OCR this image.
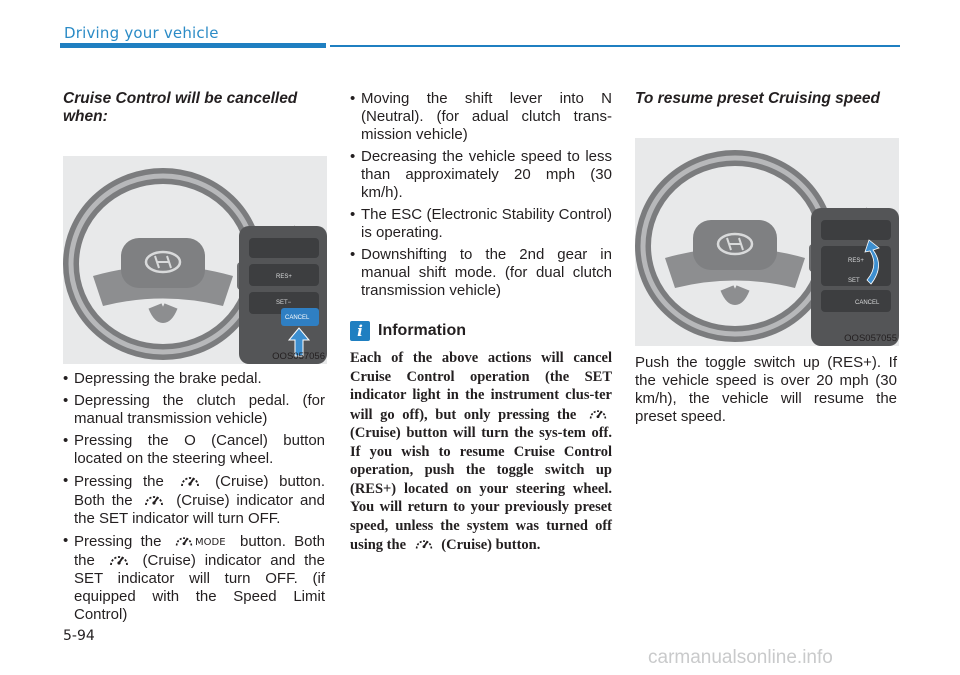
Driving your vehicle
Cruise Control will be cancelled when:
RES+
SET−
CANCEL
OOS057056
• Depressing the brake pedal.
• Depressing the clutch pedal. (for manual transmission vehicle)
• Pressing the O (Cancel) button located on the steering wheel.
• Pressing the	(Cruise) button. Both the	(Cruise) indicator and the SET indicator will turn OFF.
• Pressing the	MODE button. Both the	(Cruise) indicator and the SET indicator will turn OFF. (if equipped with the Speed Limit Control)
• Moving the shift lever into N (Neutral). (for adual clutch trans-mission vehicle)
• Decreasing the vehicle speed to less than approximately 20 mph (30 km/h).
• The ESC (Electronic Stability Control) is operating.
• Downshifting to the 2nd gear in manual shift mode. (for dual clutch transmission vehicle)
i Information
Each of the above actions will cancel Cruise Control operation (the SET indicator light in the instrument clus-ter will go off), but only pressing the  (Cruise) button will turn the sys-tem off. If you wish to resume Cruise Control operation, push the toggle switch up (RES+) located on your steering wheel. You will return to your previously preset speed, unless the system was turned off using the (Cruise) button.
To resume preset Cruising speed
RES+
SET
CANCEL
OOS057055

Push the toggle switch up (RES+). If the vehicle speed is over 20 mph (30 km/h), the vehicle will resume the preset speed.

5-94
carmanualsonline.info
